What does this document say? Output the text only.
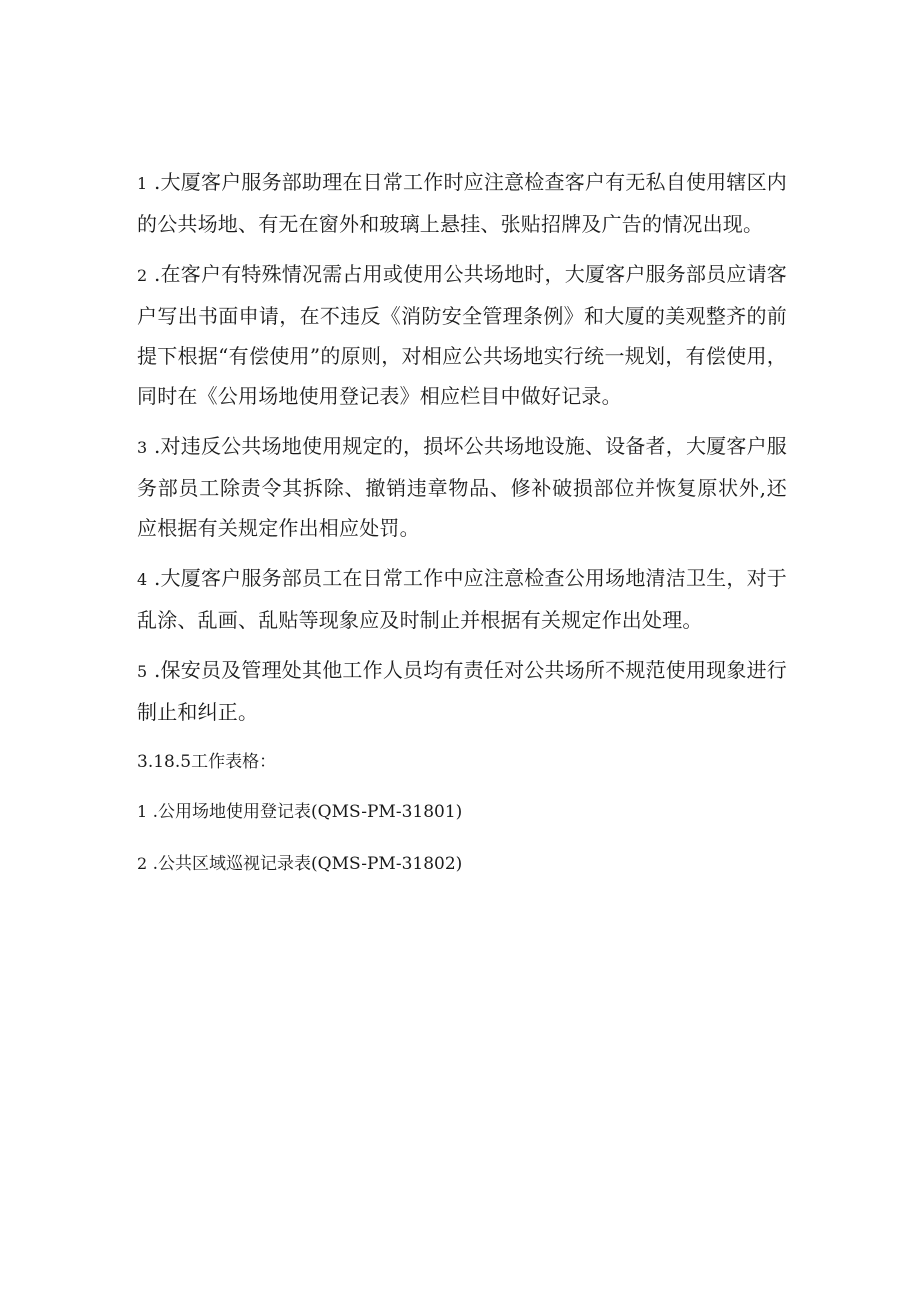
1 .大厦客户服务部助理在日常工作时应注意检查客户有无私自使用辖区内的公共场地、有无在窗外和玻璃上悬挂、张贴招牌及广告的情况出现。

2 .在客户有特殊情况需占用或使用公共场地时，大厦客户服务部员应请客户写出书面申请，在不违反《消防安全管理条例》和大厦的美观整齐的前提下根据“有偿使用”的原则，对相应公共场地实行统一规划，有偿使用，同时在《公用场地使用登记表》相应栏目中做好记录。

3 .对违反公共场地使用规定的，损坏公共场地设施、设备者，大厦客户服务部员工除责令其拆除、撤销违章物品、修补破损部位并恢复原状外,还应根据有关规定作出相应处罚。

4 .大厦客户服务部员工在日常工作中应注意检查公用场地清洁卫生，对于乱涂、乱画、乱贴等现象应及时制止并根据有关规定作出处理。

5 .保安员及管理处其他工作人员均有责任对公共场所不规范使用现象进行制止和纠正。

3.18.5工作表格：

1 .公用场地使用登记表(QMS-PM-31801)

2 .公共区域巡视记录表(QMS-PM-31802)
